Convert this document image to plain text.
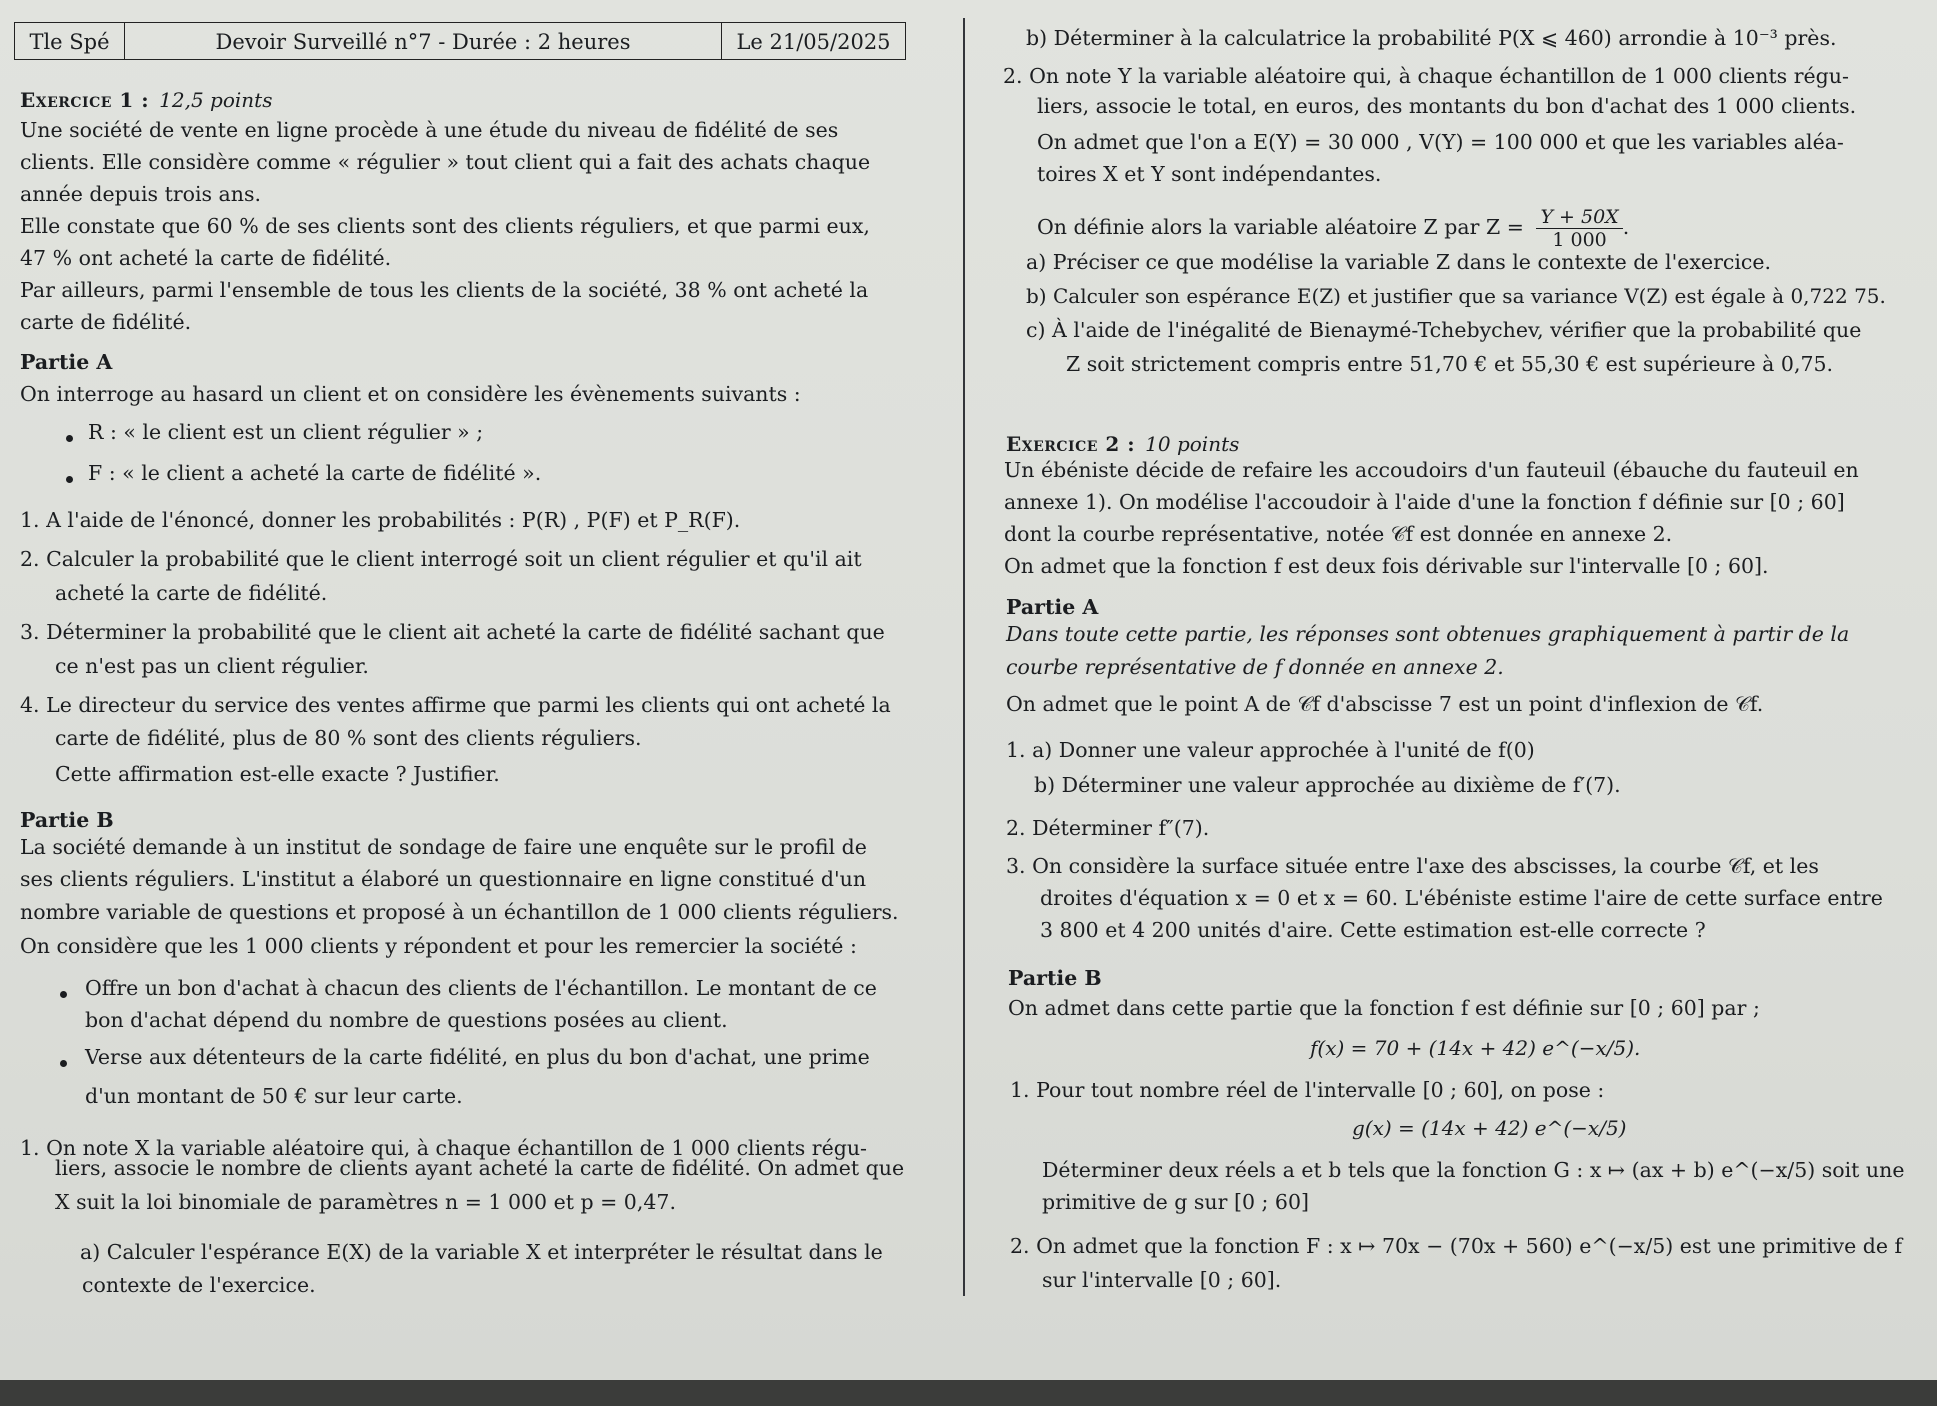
Tle Spé	Devoir Surveillé n°7 - Durée : 2 heures	Le 21/05/2025
Exercice 1 : 12,5 points
Une société de vente en ligne procède à une étude du niveau de fidélité de ses
clients. Elle considère comme « régulier » tout client qui a fait des achats chaque
année depuis trois ans.
Elle constate que 60 % de ses clients sont des clients réguliers, et que parmi eux,
47 % ont acheté la carte de fidélité.
Par ailleurs, parmi l'ensemble de tous les clients de la société, 38 % ont acheté la
carte de fidélité.
Partie A
On interroge au hasard un client et on considère les évènements suivants :
R : « le client est un client régulier » ;
F : « le client a acheté la carte de fidélité ».
1. A l'aide de l'énoncé, donner les probabilités : P(R) , P(F) et P_R(F).
2. Calculer la probabilité que le client interrogé soit un client régulier et qu'il ait
acheté la carte de fidélité.
3. Déterminer la probabilité que le client ait acheté la carte de fidélité sachant que
ce n'est pas un client régulier.
4. Le directeur du service des ventes affirme que parmi les clients qui ont acheté la
carte de fidélité, plus de 80 % sont des clients réguliers.
Cette affirmation est-elle exacte ? Justifier.
Partie B
La société demande à un institut de sondage de faire une enquête sur le profil de
ses clients réguliers. L'institut a élaboré un questionnaire en ligne constitué d'un
nombre variable de questions et proposé à un échantillon de 1 000 clients réguliers.
On considère que les 1 000 clients y répondent et pour les remercier la société :
Offre un bon d'achat à chacun des clients de l'échantillon. Le montant de ce
bon d'achat dépend du nombre de questions posées au client.
Verse aux détenteurs de la carte fidélité, en plus du bon d'achat, une prime
d'un montant de 50 € sur leur carte.
1. On note X la variable aléatoire qui, à chaque échantillon de 1 000 clients régu-
liers, associe le nombre de clients ayant acheté la carte de fidélité. On admet que
X suit la loi binomiale de paramètres n = 1 000 et p = 0,47.
a) Calculer l'espérance E(X) de la variable X et interpréter le résultat dans le
contexte de l'exercice.
b) Déterminer à la calculatrice la probabilité P(X ⩽ 460) arrondie à 10⁻³ près.
2. On note Y la variable aléatoire qui, à chaque échantillon de 1 000 clients régu-
liers, associe le total, en euros, des montants du bon d'achat des 1 000 clients.
On admet que l'on a E(Y) = 30 000 , V(Y) = 100 000 et que les variables aléa-
toires X et Y sont indépendantes.
On définie alors la variable aléatoire Z par $Z = \frac{Y + 50X}{1 000}$ .
a) Préciser ce que modélise la variable Z dans le contexte de l'exercice.
b) Calculer son espérance E(Z) et justifier que sa variance V(Z) est égale à 0,722 75.
c) À l'aide de l'inégalité de Bienaymé-Tchebychev, vérifier que la probabilité que
Z soit strictement compris entre 51,70 € et 55,30 € est supérieure à 0,75.
Exercice 2 : 10 points
Un ébéniste décide de refaire les accoudoirs d'un fauteuil (ébauche du fauteuil en
annexe 1). On modélise l'accoudoir à l'aide d'une la fonction f définie sur [0 ; 60]
dont la courbe représentative, notée 𝒞f est donnée en annexe 2.
On admet que la fonction f est deux fois dérivable sur l'intervalle [0 ; 60].
Partie A
Dans toute cette partie, les réponses sont obtenues graphiquement à partir de la
courbe représentative de f donnée en annexe 2.
On admet que le point A de 𝒞f d'abscisse 7 est un point d'inflexion de 𝒞f.
1. a) Donner une valeur approchée à l'unité de f(0)
b) Déterminer une valeur approchée au dixième de f′(7).
2. Déterminer f″(7).
3. On considère la surface située entre l'axe des abscisses, la courbe 𝒞f, et les
droites d'équation x = 0 et x = 60. L'ébéniste estime l'aire de cette surface entre
3 800 et 4 200 unités d'aire. Cette estimation est-elle correcte ?
Partie B
On admet dans cette partie que la fonction f est définie sur [0 ; 60] par ;
f(x) = 70 + (14x + 42) e^(−x/5).
1. Pour tout nombre réel de l'intervalle [0 ; 60], on pose :
g(x) = (14x + 42) e^(−x/5)
Déterminer deux réels a et b tels que la fonction G : x ↦ (ax + b) e^(−x/5) soit une
primitive de g sur [0 ; 60]
2. On admet que la fonction F : x ↦ 70x − (70x + 560) e^(−x/5) est une primitive de f
sur l'intervalle [0 ; 60].
